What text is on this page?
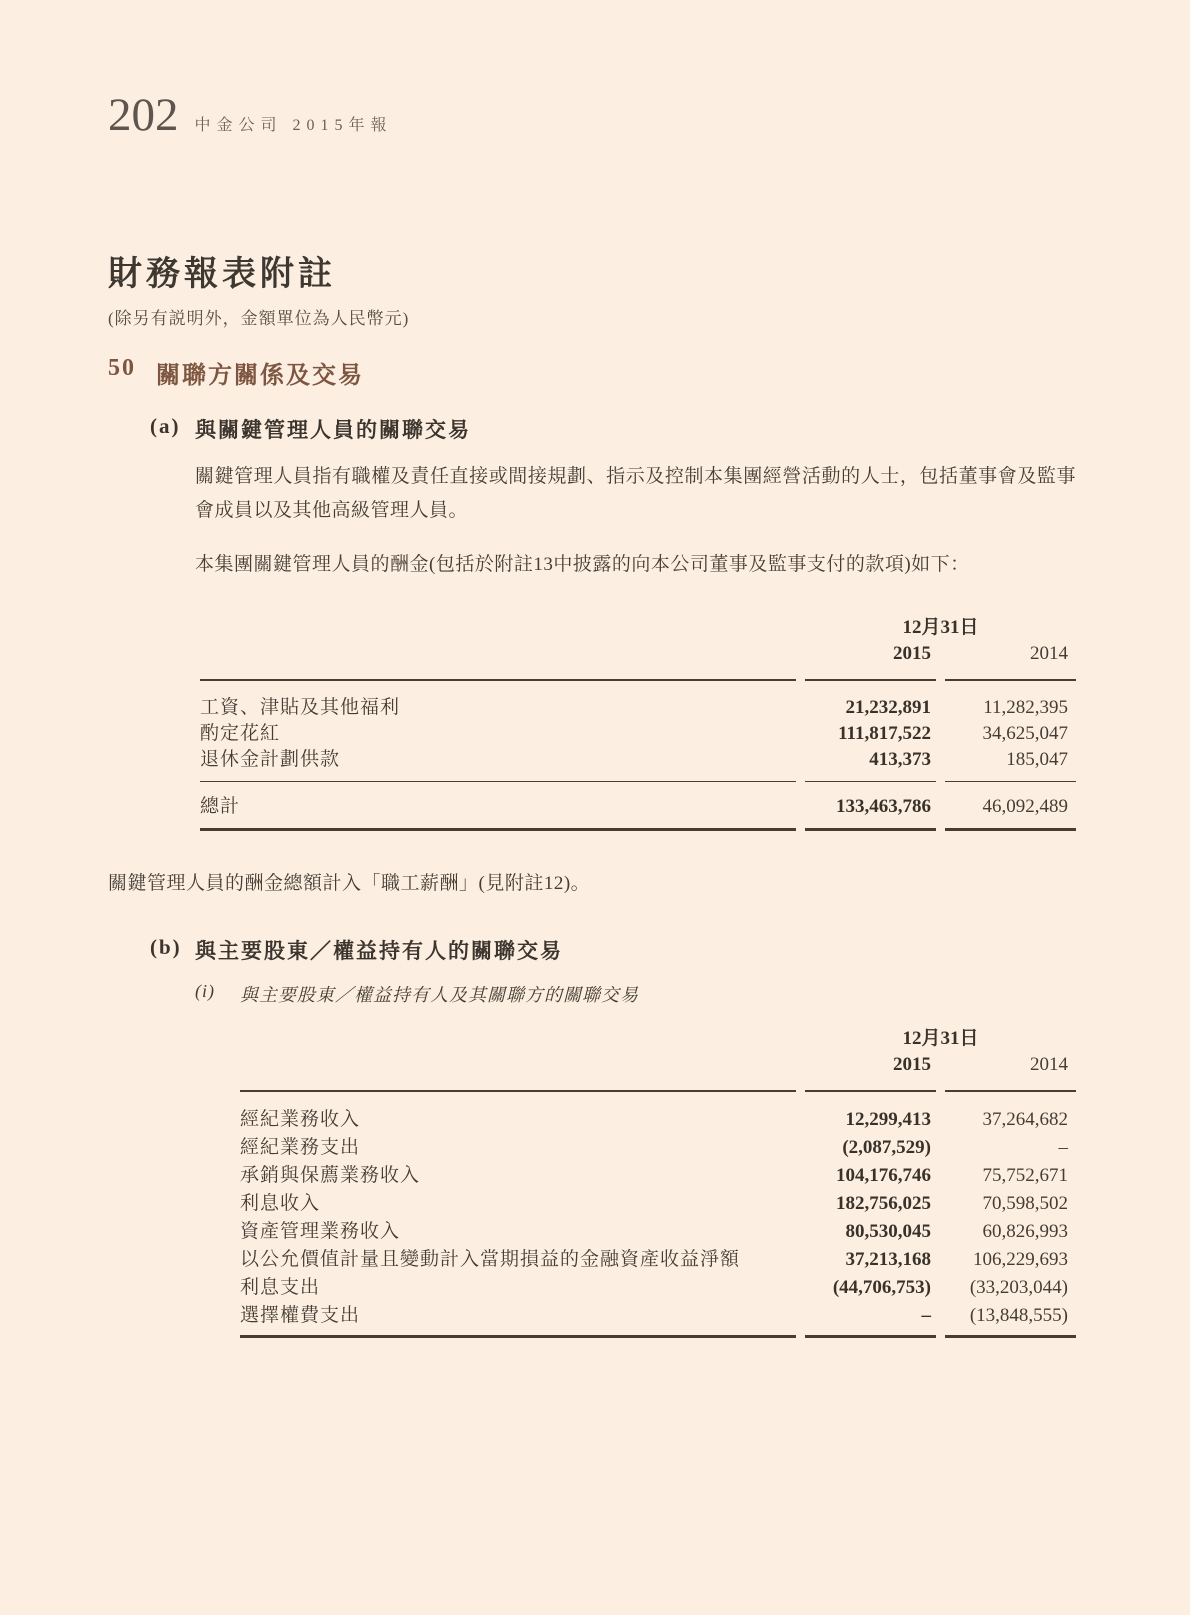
202 中金公司 2015年報
財務報表附註
(除另有説明外，金額單位為人民幣元)
50 關聯方關係及交易
(a) 與關鍵管理人員的關聯交易

關鍵管理人員指有職權及責任直接或間接規劃、指示及控制本集團經營活動的人士，包括董事會及監事會成員以及其他高級管理人員。

本集團關鍵管理人員的酬金(包括於附註13中披露的向本公司董事及監事支付的款項)如下：

12月31日
2015	2014
工資、津貼及其他福利	21,232,891	11,282,395
酌定花紅	111,817,522	34,625,047
退休金計劃供款	413,373	185,047
總計	133,463,786	46,092,489

關鍵管理人員的酬金總額計入「職工薪酬」(見附註12)。

(b) 與主要股東／權益持有人的關聯交易
(i)	與主要股東／權益持有人及其關聯方的關聯交易
12月31日
2015	2014
經紀業務收入	12,299,413	37,264,682
經紀業務支出	(2,087,529)	–
承銷與保薦業務收入	104,176,746	75,752,671
利息收入	182,756,025	70,598,502
資產管理業務收入	80,530,045	60,826,993
以公允價值計量且變動計入當期損益的金融資產收益淨額	37,213,168	106,229,693
利息支出	(44,706,753)	(33,203,044)
選擇權費支出	–	(13,848,555)
